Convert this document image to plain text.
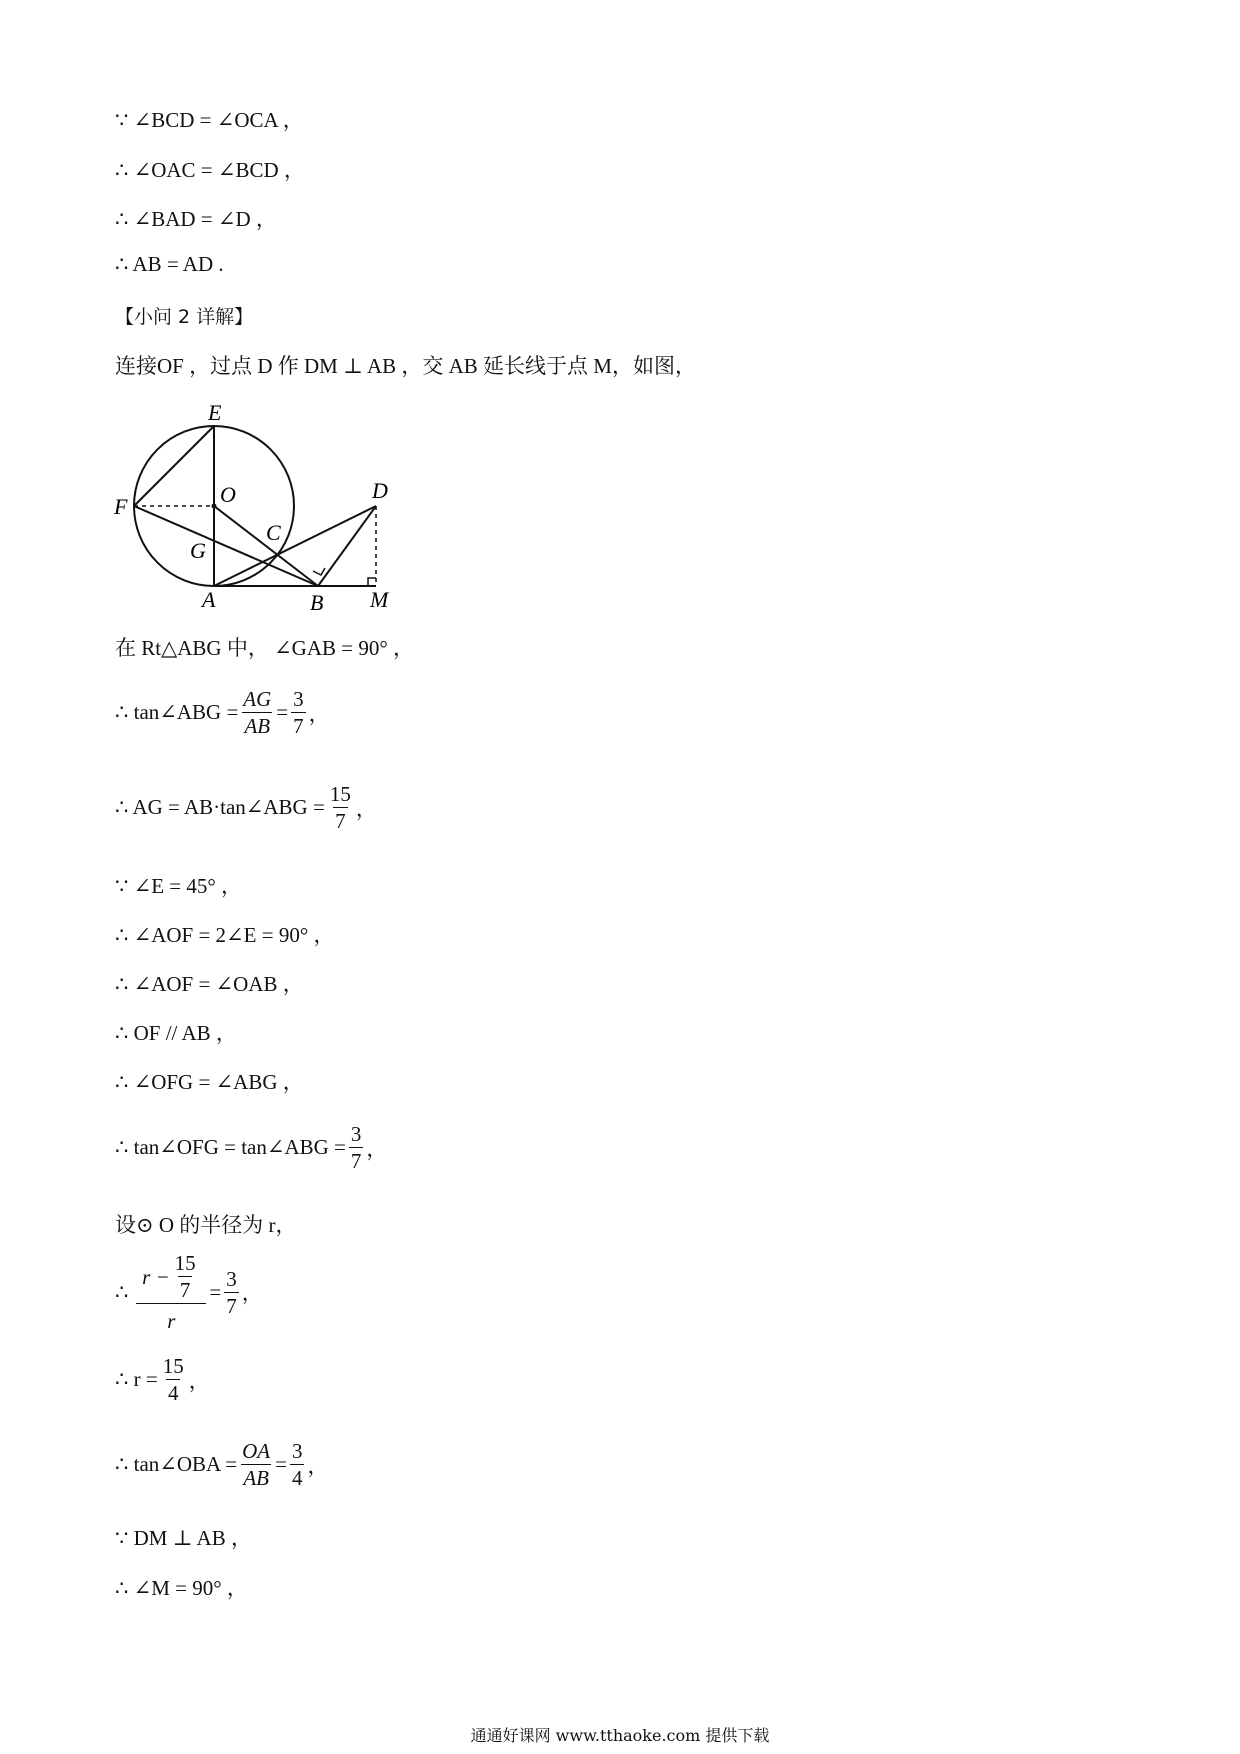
∵ ∠BCD = ∠OCA ，
∴ ∠OAC = ∠BCD ，
∴ ∠BAD = ∠D ，
∴ AB = AD .
【小问 2 详解】
连接OF ，过点 D 作 DM ⊥ AB ，交 AB 延长线于点 M，如图，
E
O	D
F
C
G
A	B M
在 Rt△ABG 中， ∠GAB = 90° ，
∴ tan∠ABG = $\frac{AG}{AB} = \frac{3}{7}$ ，
∴ AG = AB·tan∠ABG = $\frac{15}{7}$ ，
∵ ∠E = 45° ，
∴ ∠AOF = 2∠E = 90° ，
∴ ∠AOF = ∠OAB ，
∴ OF // AB ，
∴ ∠OFG = ∠ABG ，
∴ tan∠OFG = tan∠ABG = $\frac{3}{7}$ ，
设⊙ O 的半径为 r，
∴ $\frac{r - \frac{15}{7}}{r} = \frac{3}{7}$ ，
∴ $r = \frac{15}{4}$ ，
∴ tan∠OBA = $\frac{OA}{AB} = \frac{3}{4}$ ，
∵ DM ⊥ AB ，
∴ ∠M = 90° ，
通通好课网 www.tthaoke.com 提供下载
